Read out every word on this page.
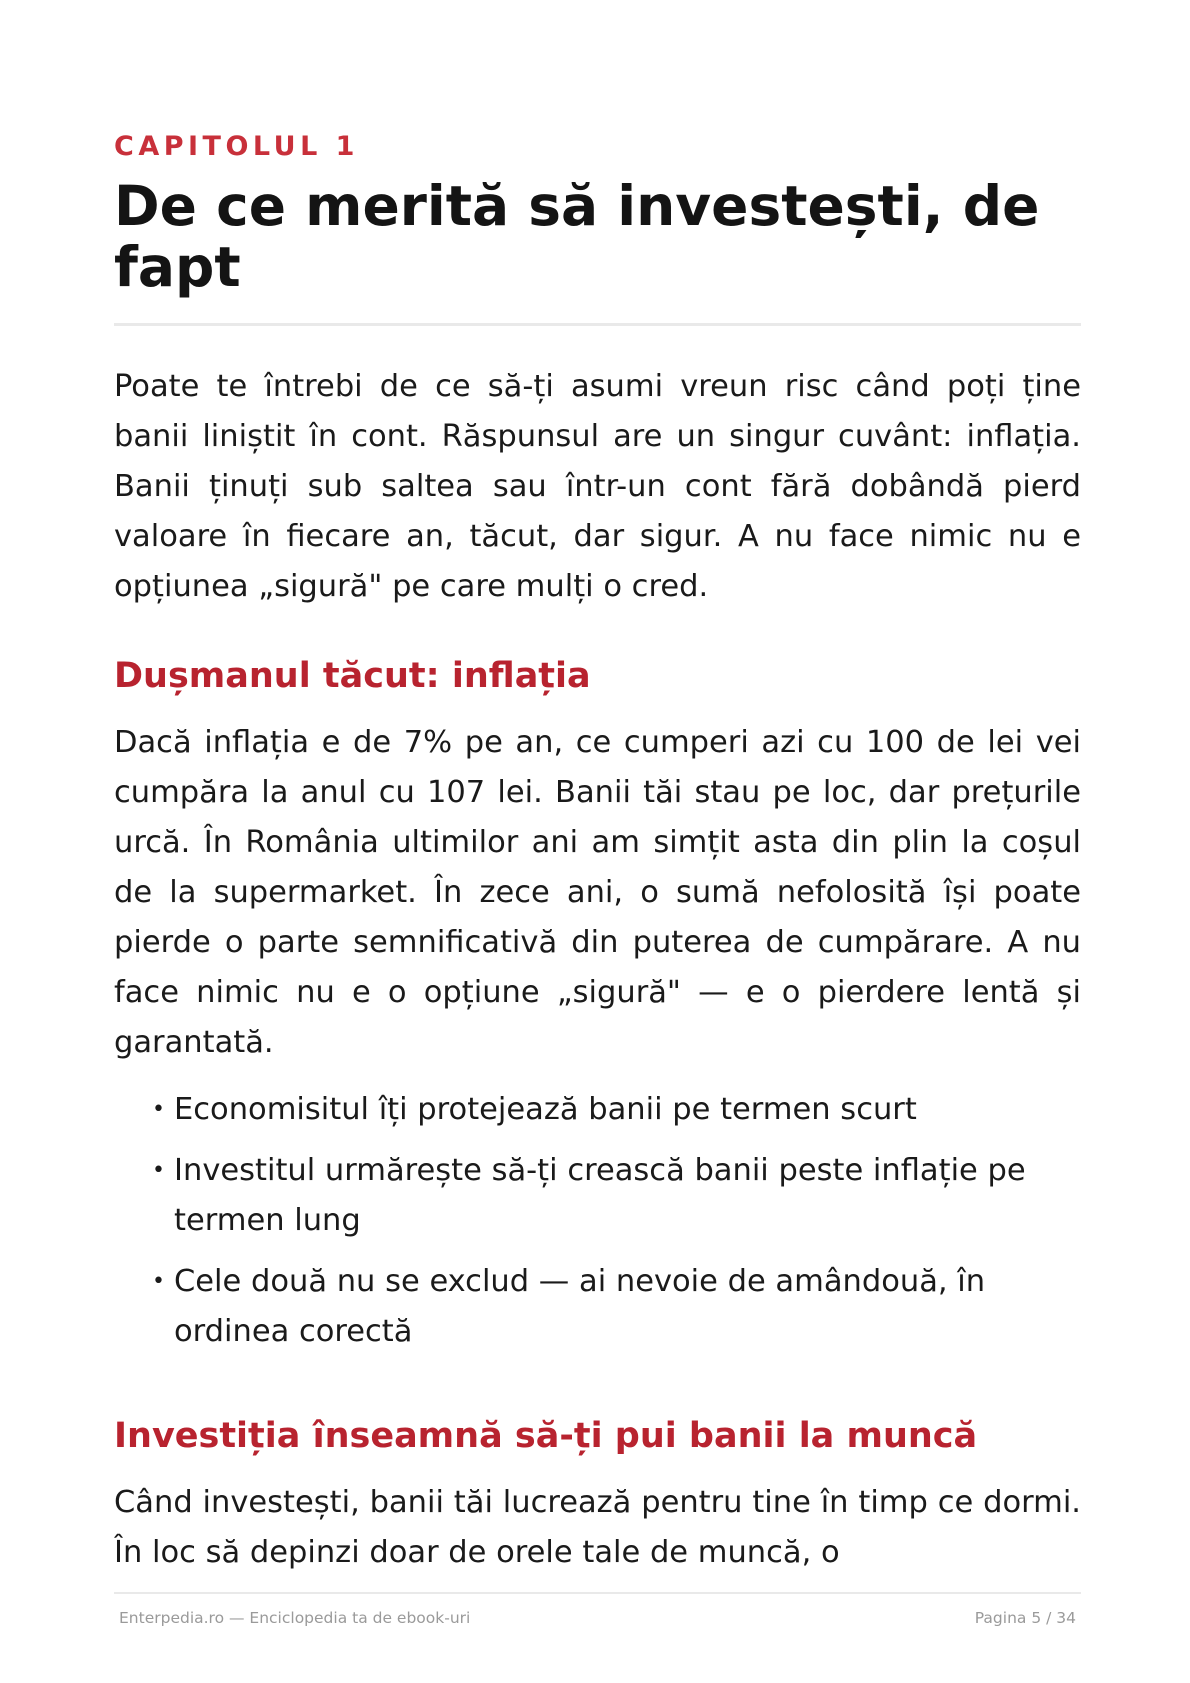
CAPITOLUL 1
De ce merită să investești, de fapt

Poate te întrebi de ce să-ți asumi vreun risc când poți ține banii liniștit în cont. Răspunsul are un singur cuvânt: inflația. Banii ținuți sub saltea sau într-un cont fără dobândă pierd valoare în fiecare an, tăcut, dar sigur. A nu face nimic nu e opțiunea „sigură" pe care mulți o cred.

Dușmanul tăcut: inflația

Dacă inflația e de 7% pe an, ce cumperi azi cu 100 de lei vei cumpăra la anul cu 107 lei. Banii tăi stau pe loc, dar prețurile urcă. În România ultimilor ani am simțit asta din plin la coșul de la supermarket. În zece ani, o sumă nefolosită își poate pierde o parte semnificativă din puterea de cumpărare. A nu face nimic nu e o opțiune „sigură" — e o pierdere lentă și garantată.

• Economisitul îți protejează banii pe termen scurt
• Investitul urmărește să-ți crească banii peste inflație pe termen lung
• Cele două nu se exclud — ai nevoie de amândouă, în ordinea corectă
Investiția înseamnă să-ți pui banii la muncă

Când investești, banii tăi lucrează pentru tine în timp ce dormi. În loc să depinzi doar de orele tale de muncă, o

Enterpedia.ro — Enciclopedia ta de ebook-uri	Pagina 5 / 34
